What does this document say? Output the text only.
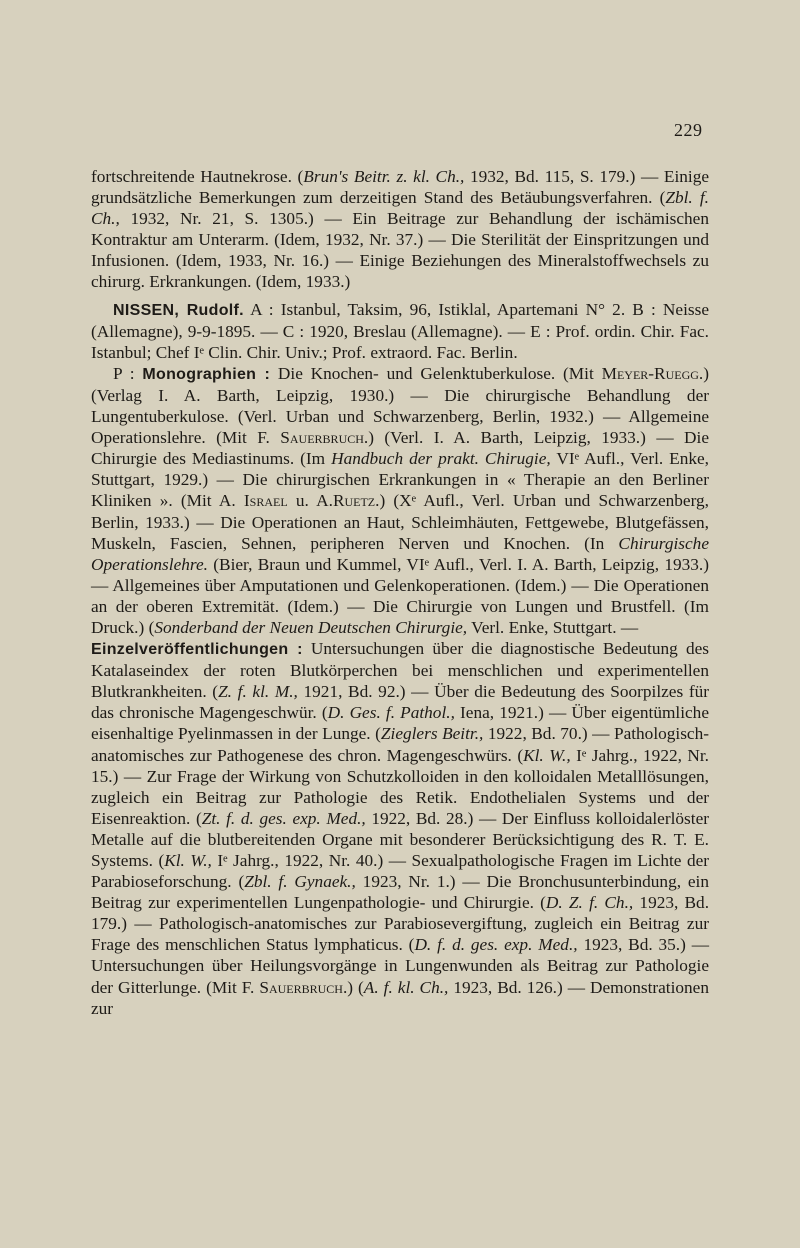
229

fortschreitende Hautnekrose. (Brun's Beitr. z. kl. Ch., 1932, Bd. 115, S. 179.) — Einige grundsätzliche Bemerkungen zum derzeitigen Stand des Betäubungsverfahren. (Zbl. f. Ch., 1932, Nr. 21, S. 1305.) — Ein Beitrage zur Behandlung der ischämischen Kontraktur am Unterarm. (Idem, 1932, Nr. 37.) — Die Sterilität der Einspritzungen und Infusionen. (Idem, 1933, Nr. 16.) — Einige Beziehungen des Mineralstoffwechsels zu chirurg. Erkrankungen. (Idem, 1933.)

NISSEN, Rudolf. A : Istanbul, Taksim, 96, Istiklal, Apartemani N° 2. B : Neisse (Allemagne), 9-9-1895. — C : 1920, Breslau (Allemagne). — E : Prof. ordin. Chir. Fac. Istanbul; Chef Iᵉ Clin. Chir. Univ.; Prof. extraord. Fac. Berlin.

P : Monographien : Die Knochen- und Gelenktuberkulose. (Mit Meyer-Ruegg.) (Verlag I. A. Barth, Leipzig, 1930.) — Die chirurgische Behandlung der Lungentuberkulose. (Verl. Urban und Schwarzenberg, Berlin, 1932.) — Allgemeine Operationslehre. (Mit F. Sauerbruch.) (Verl. I. A. Barth, Leipzig, 1933.) — Die Chirurgie des Mediastinums. (Im Handbuch der prakt. Chirugie, VIᵉ Aufl., Verl. Enke, Stuttgart, 1929.) — Die chirurgischen Erkrankungen in « Therapie an den Berliner Kliniken ». (Mit A. Israel u. A.Ruetz.) (Xᵉ Aufl., Verl. Urban und Schwarzenberg, Berlin, 1933.) — Die Operationen an Haut, Schleimhäuten, Fettgewebe, Blutgefässen, Muskeln, Fascien, Sehnen, peripheren Nerven und Knochen. (In Chirurgische Operationslehre. (Bier, Braun und Kummel, VIᵉ Aufl., Verl. I. A. Barth, Leipzig, 1933.) — Allgemeines über Amputationen und Gelenkoperationen. (Idem.) — Die Operationen an der oberen Extremität. (Idem.) — Die Chirurgie von Lungen und Brustfell. (Im Druck.) (Sonderband der Neuen Deutschen Chirurgie, Verl. Enke, Stuttgart. —

Einzelveröffentlichungen : Untersuchungen über die diagnostische Bedeutung des Katalaseindex der roten Blutkörperchen bei menschlichen und experimentellen Blutkrankheiten. (Z. f. kl. M., 1921, Bd. 92.) — Über die Bedeutung des Soorpilzes für das chronische Magengeschwür. (D. Ges. f. Pathol., Iena, 1921.) — Über eigentümliche eisenhaltige Pyelinmassen in der Lunge. (Zieglers Beitr., 1922, Bd. 70.) — Pathologisch-anatomisches zur Pathogenese des chron. Magengeschwürs. (Kl. W., Iᵉ Jahrg., 1922, Nr. 15.) — Zur Frage der Wirkung von Schutzkolloiden in den kolloidalen Metalllösungen, zugleich ein Beitrag zur Pathologie des Retik. Endothelialen Systems und der Eisenreaktion. (Zt. f. d. ges. exp. Med., 1922, Bd. 28.) — Der Einfluss kolloidalerlöster Metalle auf die blutbereitenden Organe mit besonderer Berücksichtigung des R. T. E. Systems. (Kl. W., Iᵉ Jahrg., 1922, Nr. 40.) — Sexualpathologische Fragen im Lichte der Parabioseforschung. (Zbl. f. Gynaek., 1923, Nr. 1.) — Die Bronchusunterbindung, ein Beitrag zur experimentellen Lungenpathologie- und Chirurgie. (D. Z. f. Ch., 1923, Bd. 179.) — Pathologisch-anatomisches zur Parabiosevergiftung, zugleich ein Beitrag zur Frage des menschlichen Status lymphaticus. (D. f. d. ges. exp. Med., 1923, Bd. 35.) — Untersuchungen über Heilungsvorgänge in Lungenwunden als Beitrag zur Pathologie der Gitterlunge. (Mit F. Sauerbruch.) (A. f. kl. Ch., 1923, Bd. 126.) — Demonstrationen zur
